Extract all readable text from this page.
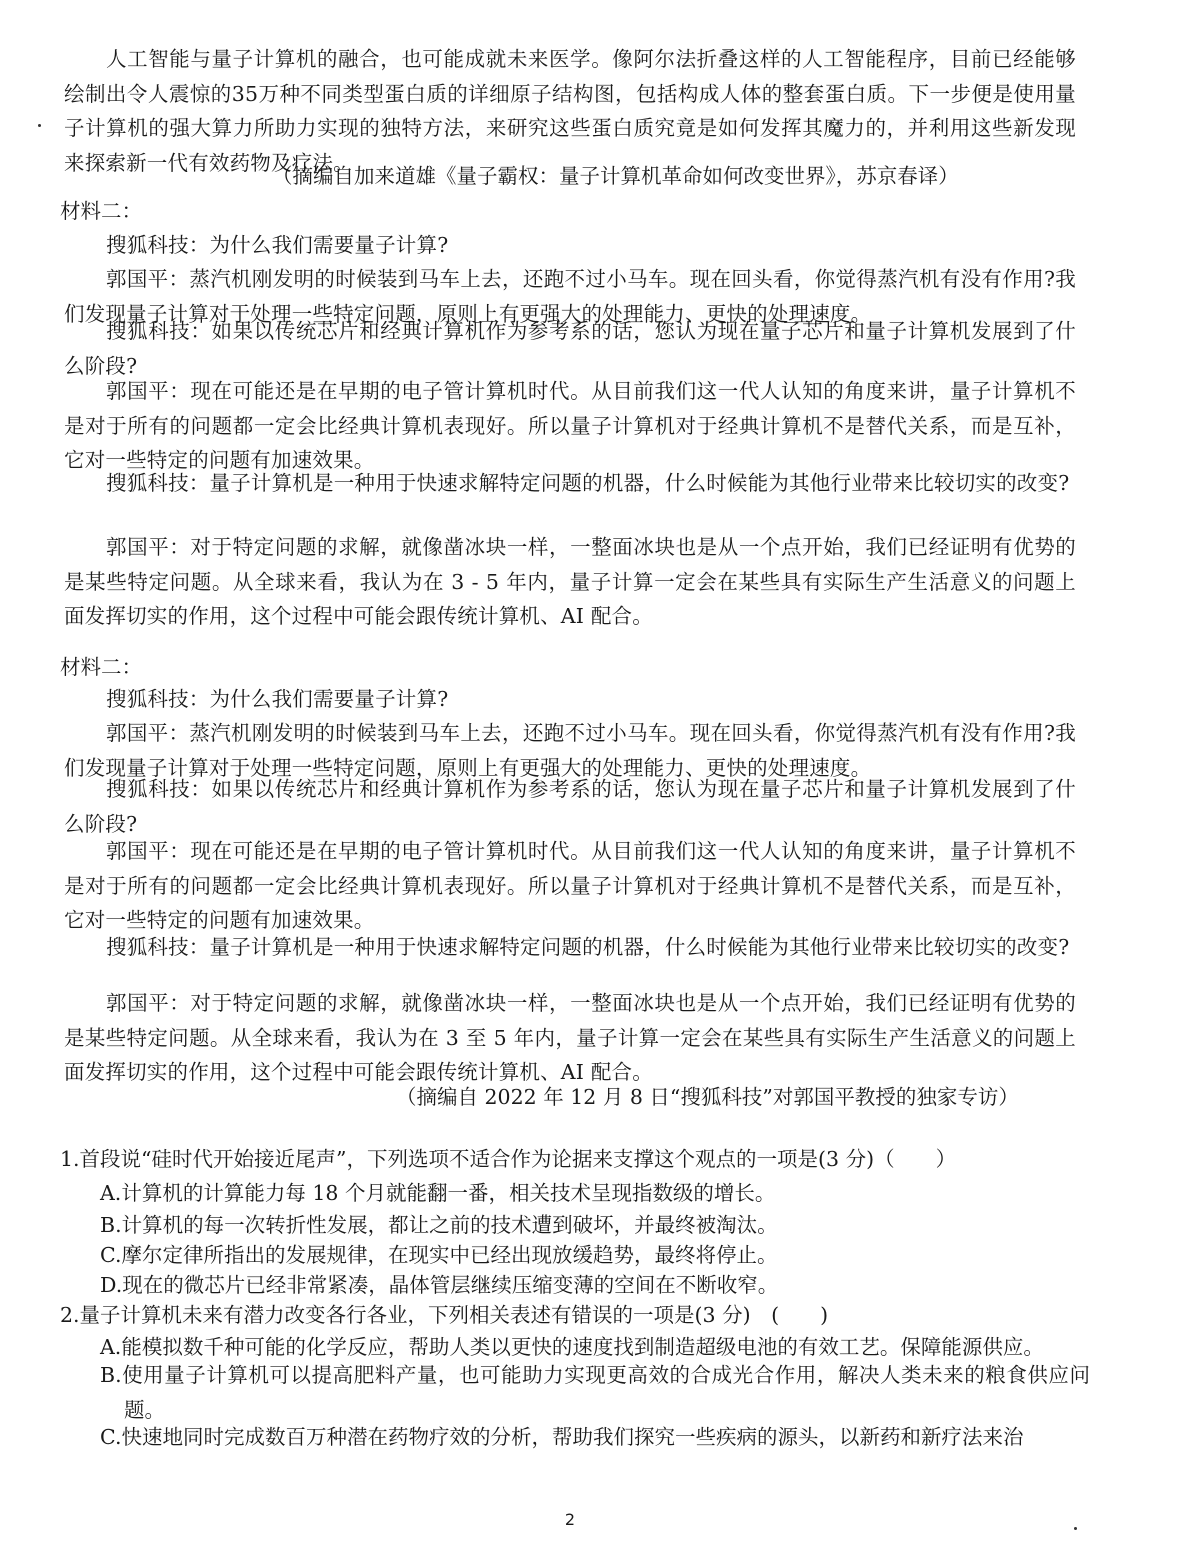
人工智能与量子计算机的融合，也可能成就未来医学。像阿尔法折叠这样的人工智能程序，目前已经能够绘制出令人震惊的35万种不同类型蛋白质的详细原子结构图，包括构成人体的整套蛋白质。下一步便是使用量子计算机的强大算力所助力实现的独特方法，来研究这些蛋白质究竟是如何发挥其魔力的，并利用这些新发现来探索新一代有效药物及疗法。
（摘编自加来道雄《量子霸权：量子计算机革命如何改变世界》，苏京春译）
材料二：
搜狐科技：为什么我们需要量子计算?
郭国平：蒸汽机刚发明的时候装到马车上去，还跑不过小马车。现在回头看，你觉得蒸汽机有没有作用?我们发现量子计算对于处理一些特定问题，原则上有更强大的处理能力、更快的处理速度。
搜狐科技：如果以传统芯片和经典计算机作为参考系的话，您认为现在量子芯片和量子计算机发展到了什么阶段?
郭国平：现在可能还是在早期的电子管计算机时代。从目前我们这一代人认知的角度来讲，量子计算机不是对于所有的问题都一定会比经典计算机表现好。所以量子计算机对于经典计算机不是替代关系，而是互补，它对一些特定的问题有加速效果。
搜狐科技：量子计算机是一种用于快速求解特定问题的机器，什么时候能为其他行业带来比较切实的改变?
郭国平：对于特定问题的求解，就像凿冰块一样，一整面冰块也是从一个点开始，我们已经证明有优势的是某些特定问题。从全球来看，我认为在 3 - 5 年内，量子计算一定会在某些具有实际生产生活意义的问题上面发挥切实的作用，这个过程中可能会跟传统计算机、AI 配合。
材料二：
搜狐科技：为什么我们需要量子计算?
郭国平：蒸汽机刚发明的时候装到马车上去，还跑不过小马车。现在回头看，你觉得蒸汽机有没有作用?我们发现量子计算对于处理一些特定问题，原则上有更强大的处理能力、更快的处理速度。
搜狐科技：如果以传统芯片和经典计算机作为参考系的话，您认为现在量子芯片和量子计算机发展到了什么阶段?
郭国平：现在可能还是在早期的电子管计算机时代。从目前我们这一代人认知的角度来讲，量子计算机不是对于所有的问题都一定会比经典计算机表现好。所以量子计算机对于经典计算机不是替代关系，而是互补，它对一些特定的问题有加速效果。
搜狐科技：量子计算机是一种用于快速求解特定问题的机器，什么时候能为其他行业带来比较切实的改变?
郭国平：对于特定问题的求解，就像凿冰块一样，一整面冰块也是从一个点开始，我们已经证明有优势的是某些特定问题。从全球来看，我认为在 3 至 5 年内，量子计算一定会在某些具有实际生产生活意义的问题上面发挥切实的作用，这个过程中可能会跟传统计算机、AI 配合。
（摘编自 2022 年 12 月 8 日“搜狐科技”对郭国平教授的独家专访）
1.首段说“硅时代开始接近尾声”，下列选项不适合作为论据来支撑这个观点的一项是(3 分)（　　）
A.计算机的计算能力每 18 个月就能翻一番，相关技术呈现指数级的增长。
B.计算机的每一次转折性发展，都让之前的技术遭到破坏，并最终被淘汰。
C.摩尔定律所指出的发展规律，在现实中已经出现放缓趋势，最终将停止。
D.现在的微芯片已经非常紧凑，晶体管层继续压缩变薄的空间在不断收窄。
2.量子计算机未来有潜力改变各行各业，下列相关表述有错误的一项是(3 分)　(　　)
A.能模拟数千种可能的化学反应，帮助人类以更快的速度找到制造超级电池的有效工艺。保障能源供应。
B.使用量子计算机可以提高肥料产量，也可能助力实现更高效的合成光合作用，解决人类未来的粮食供应问题。
C.快速地同时完成数百万种潜在药物疗效的分析，帮助我们探究一些疾病的源头，以新药和新疗法来治
2
